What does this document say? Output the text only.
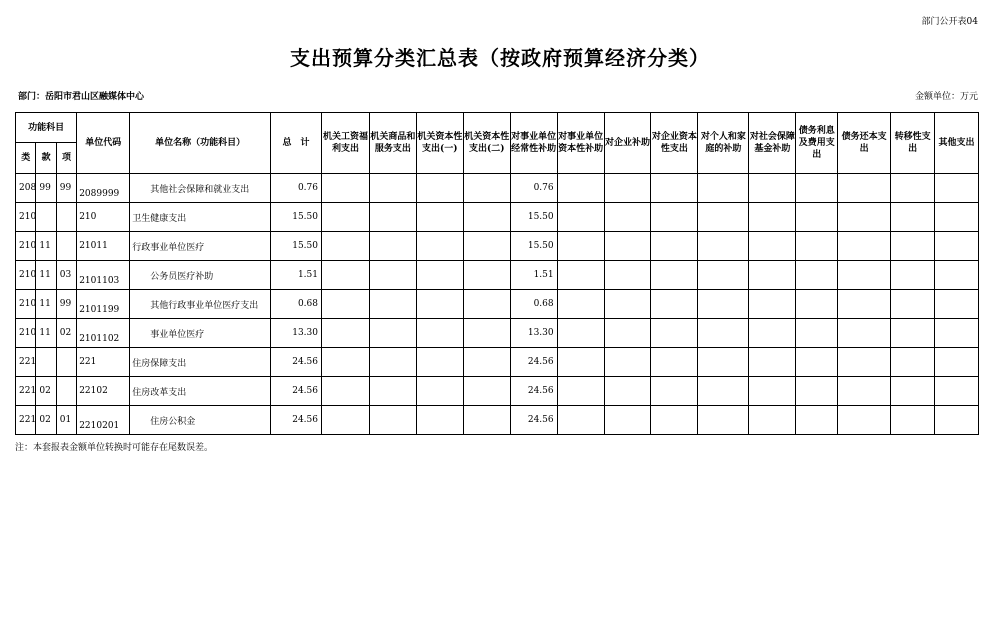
部门公开表04
支出预算分类汇总表（按政府预算经济分类）
部门：岳阳市君山区融媒体中心	金额单位：万元
功能科目			单位代码	单位名称（功能科目）	总　计	机关工资福利支出	机关商品和服务支出	机关资本性支出(一)	机关资本性支出(二)	对事业单位经常性补助	对事业单位资本性补助	对企业补助	对企业资本性支出	对个人和家庭的补助	对社会保障基金补助	债务利息及费用支出	债务还本支出	转移性支出	其他支出
类	款	项																	
208	99	99	2089999	其他社会保障和就业支出	0.76					0.76									
210			210	卫生健康支出	15.50					15.50									
210	11		21011	行政事业单位医疗	15.50					15.50									
210	11	03	2101103	公务员医疗补助	1.51					1.51									
210	11	99	2101199	其他行政事业单位医疗支出	0.68					0.68									
210	11	02	2101102	事业单位医疗	13.30					13.30									
221			221	住房保障支出	24.56					24.56									
221	02		22102	住房改革支出	24.56					24.56									
221	02	01	2210201	住房公积金	24.56					24.56									
注：本套报表金额单位转换时可能存在尾数误差。
